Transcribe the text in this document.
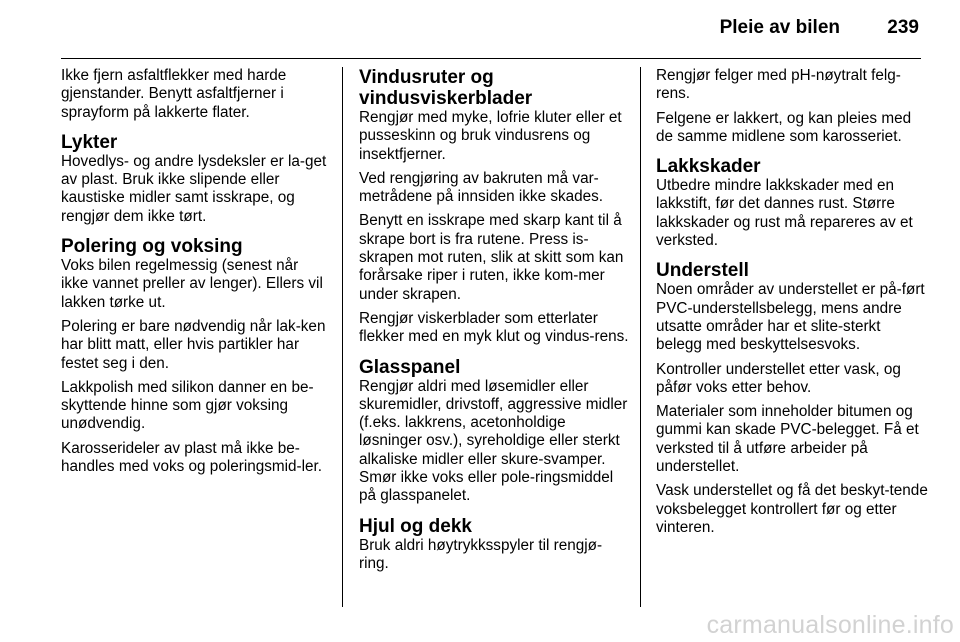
Pleie av bilen 239

Ikke fjern asfaltflekker med harde gjenstander. Benytt asfaltfjerner i sprayform på lakkerte flater.

Lykter

Hovedlys- og andre lysdeksler er la-get av plast. Bruk ikke slipende eller kaustiske midler samt isskrape, og rengjør dem ikke tørt.

Polering og voksing

Voks bilen regelmessig (senest når ikke vannet preller av lenger). Ellers vil lakken tørke ut.

Polering er bare nødvendig når lak-ken har blitt matt, eller hvis partikler har festet seg i den.

Lakkpolish med silikon danner en be-skyttende hinne som gjør voksing unødvendig.

Karosserideler av plast må ikke be-handles med voks og poleringsmid-ler.

Vindusruter og vindusviskerblader

Rengjør med myke, lofrie kluter eller et pusseskinn og bruk vindusrens og insektfjerner.

Ved rengjøring av bakruten må var-metrådene på innsiden ikke skades.

Benytt en isskrape med skarp kant til å skrape bort is fra rutene. Press is-skrapen mot ruten, slik at skitt som kan forårsake riper i ruten, ikke kom-mer under skrapen.

Rengjør viskerblader som etterlater flekker med en myk klut og vindus-rens.

Glasspanel

Rengjør aldri med løsemidler eller skuremidler, drivstoff, aggressive midler (f.eks. lakkrens, acetonholdige løsninger osv.), syreholdige eller sterkt alkaliske midler eller skure-svamper. Smør ikke voks eller pole-ringsmiddel på glasspanelet.

Hjul og dekk

Bruk aldri høytrykksspyler til rengjø-ring.

Rengjør felger med pH-nøytralt felg-rens.

Felgene er lakkert, og kan pleies med de samme midlene som karosseriet.

Lakkskader

Utbedre mindre lakkskader med en lakkstift, før det dannes rust. Større lakkskader og rust må repareres av et verksted.

Understell

Noen områder av understellet er på-ført PVC-understellsbelegg, mens andre utsatte områder har et slite-sterkt belegg med beskyttelsesvoks.

Kontroller understellet etter vask, og påfør voks etter behov.

Materialer som inneholder bitumen og gummi kan skade PVC-belegget. Få et verksted til å utføre arbeider på understellet.

Vask understellet og få det beskyt-tende voksbelegget kontrollert før og etter vinteren.

carmanualsonline.info
